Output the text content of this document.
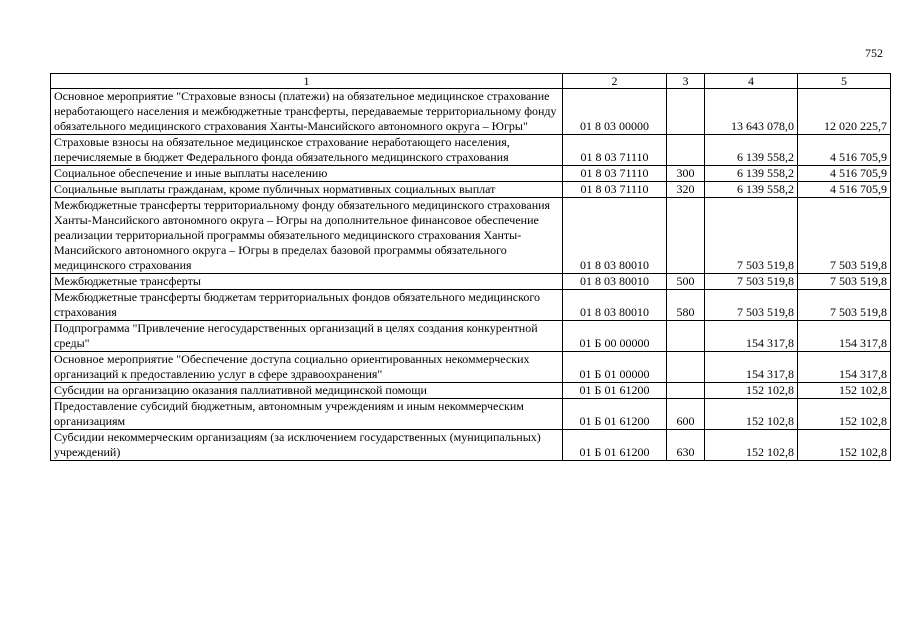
752
1	2	3	4	5
Основное мероприятие "Страховые взносы (платежи) на обязательное медицинское страхование неработающего населения и межбюджетные трансферты, передаваемые территориальному фонду обязательного медицинского страхования Ханты-Мансийского автономного округа – Югры"	01 8 03 00000		13 643 078,0	12 020 225,7
Страховые взносы на обязательное медицинское страхование неработающего населения, перечисляемые в бюджет Федерального фонда обязательного медицинского страхования	01 8 03 71110		6 139 558,2	4 516 705,9
Социальное обеспечение и иные выплаты населению	01 8 03 71110	300	6 139 558,2	4 516 705,9
Социальные выплаты гражданам, кроме публичных нормативных социальных выплат	01 8 03 71110	320	6 139 558,2	4 516 705,9
Межбюджетные трансферты территориальному фонду обязательного медицинского страхования Ханты-Мансийского автономного округа – Югры на дополнительное финансовое обеспечение реализации территориальной программы обязательного медицинского страхования Ханты-Мансийского автономного округа – Югры в пределах базовой программы обязательного медицинского страхования	01 8 03 80010		7 503 519,8	7 503 519,8
Межбюджетные трансферты	01 8 03 80010	500	7 503 519,8	7 503 519,8
Межбюджетные трансферты бюджетам территориальных фондов обязательного медицинского страхования	01 8 03 80010	580	7 503 519,8	7 503 519,8
Подпрограмма "Привлечение негосударственных организаций в целях создания конкурентной среды"	01 Б 00 00000		154 317,8	154 317,8
Основное мероприятие "Обеспечение доступа социально ориентированных некоммерческих организаций к предоставлению услуг в сфере здравоохранения"	01 Б 01 00000		154 317,8	154 317,8
Субсидии на организацию оказания паллиативной медицинской помощи	01 Б 01 61200		152 102,8	152 102,8
Предоставление субсидий бюджетным, автономным учреждениям и иным некоммерческим организациям	01 Б 01 61200	600	152 102,8	152 102,8
Субсидии некоммерческим организациям (за исключением государственных (муниципальных) учреждений)	01 Б 01 61200	630	152 102,8	152 102,8
